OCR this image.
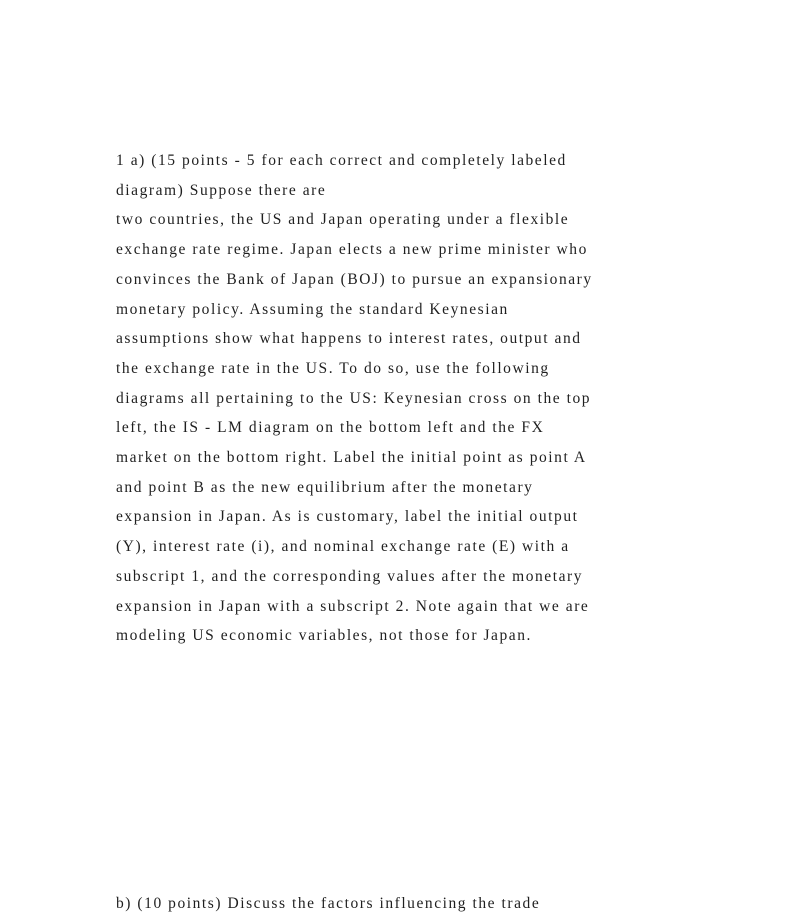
1 a) (15 points - 5 for each correct and completely labeled
diagram) Suppose there are
two countries, the US and Japan operating under a flexible
exchange rate regime. Japan elects a new prime minister who
convinces the Bank of Japan (BOJ) to pursue an expansionary
monetary policy. Assuming the standard Keynesian
assumptions show what happens to interest rates, output and
the exchange rate in the US. To do so, use the following
diagrams all pertaining to the US: Keynesian cross on the top
left, the IS - LM diagram on the bottom left and the FX
market on the bottom right. Label the initial point as point A
and point B as the new equilibrium after the monetary
expansion in Japan. As is customary, label the initial output
(Y), interest rate (i), and nominal exchange rate (E) with a
subscript 1, and the corresponding values after the monetary
expansion in Japan with a subscript 2. Note again that we are
modeling US economic variables, not those for Japan.
b) (10 points) Discuss the factors influencing the trade
